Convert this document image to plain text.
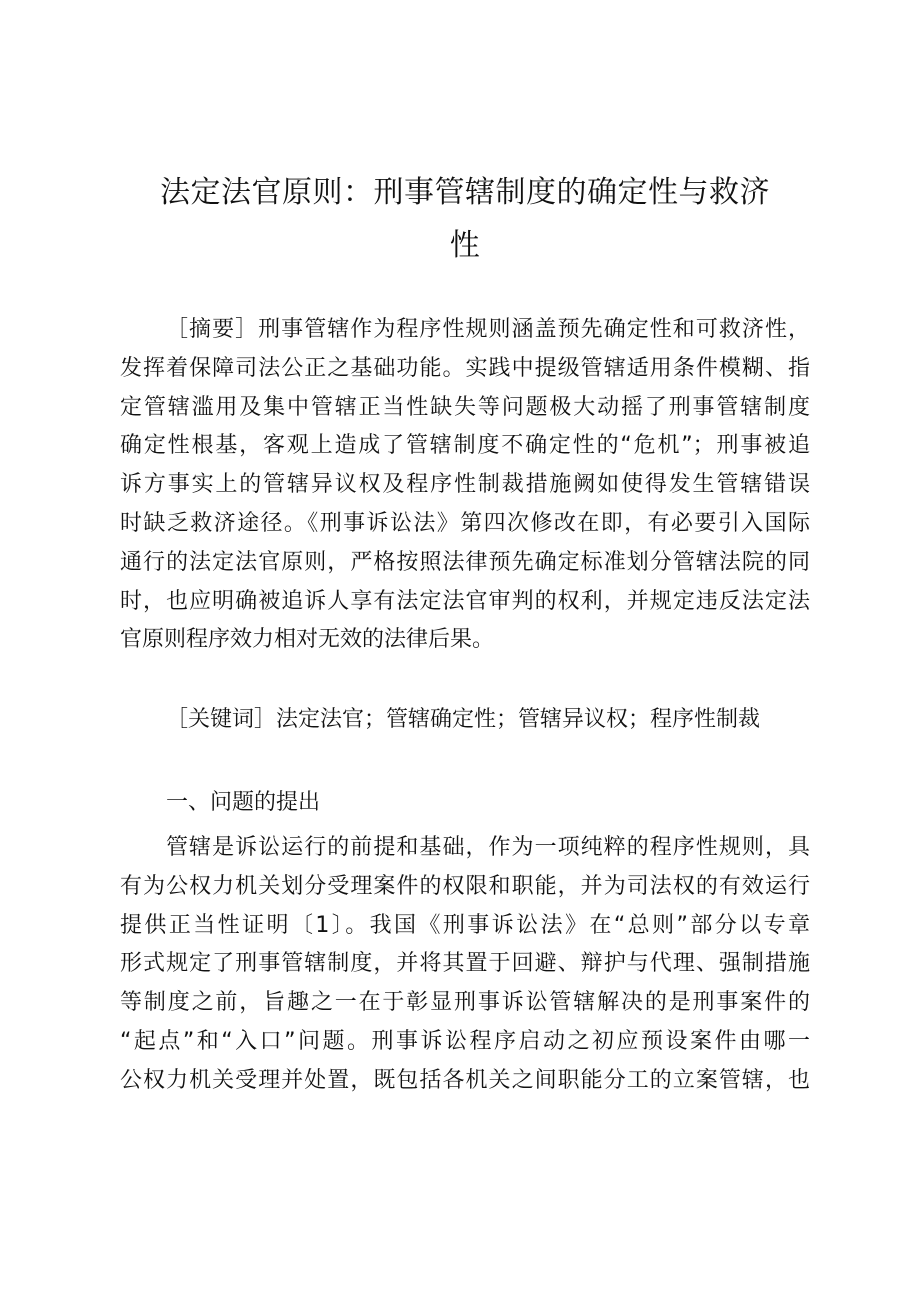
法定法官原则：刑事管辖制度的确定性与救济
性
［摘要］刑事管辖作为程序性规则涵盖预先确定性和可救济性，
发挥着保障司法公正之基础功能。实践中提级管辖适用条件模糊、指
定管辖滥用及集中管辖正当性缺失等问题极大动摇了刑事管辖制度
确定性根基，客观上造成了管辖制度不确定性的“危机”；刑事被追
诉方事实上的管辖异议权及程序性制裁措施阙如使得发生管辖错误
时缺乏救济途径。《刑事诉讼法》第四次修改在即，有必要引入国际
通行的法定法官原则，严格按照法律预先确定标准划分管辖法院的同
时，也应明确被追诉人享有法定法官审判的权利，并规定违反法定法
官原则程序效力相对无效的法律后果。

［关键词］法定法官；管辖确定性；管辖异议权；程序性制裁

一、问题的提出
管辖是诉讼运行的前提和基础，作为一项纯粹的程序性规则，具
有为公权力机关划分受理案件的权限和职能，并为司法权的有效运行
提供正当性证明〔1〕。我国《刑事诉讼法》在“总则”部分以专章
形式规定了刑事管辖制度，并将其置于回避、辩护与代理、强制措施
等制度之前，旨趣之一在于彰显刑事诉讼管辖解决的是刑事案件的
“起点”和“入口”问题。刑事诉讼程序启动之初应预设案件由哪一
公权力机关受理并处置，既包括各机关之间职能分工的立案管辖，也
